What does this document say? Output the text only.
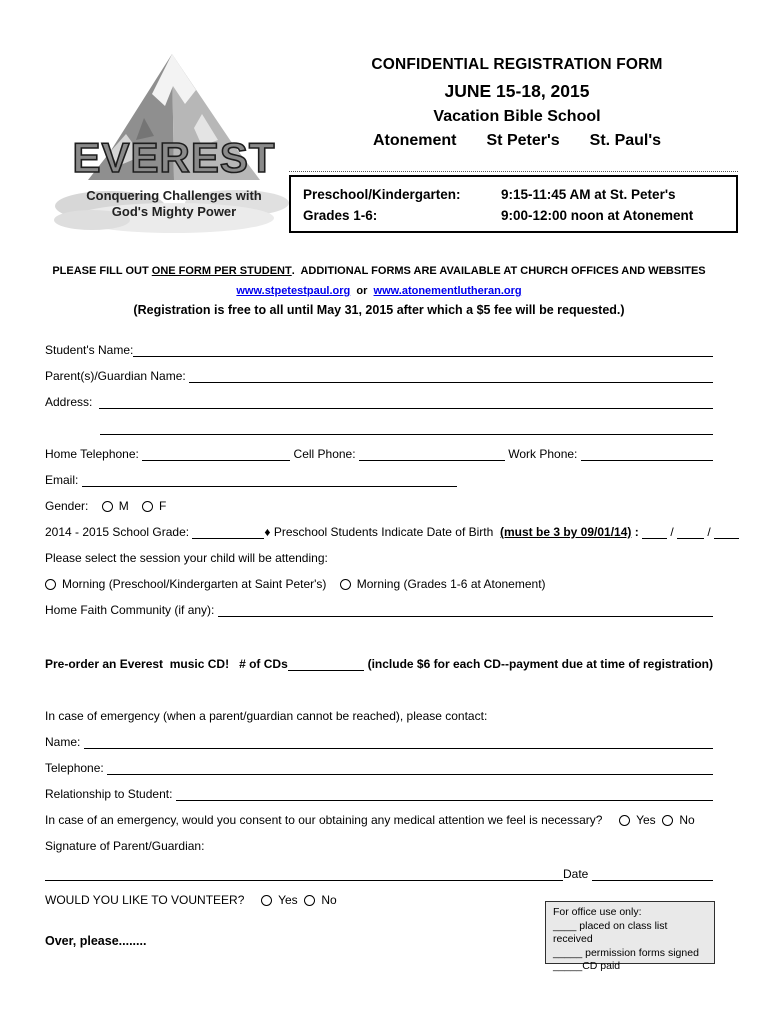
EVEREST
Conquering Challenges with
God's Mighty Power
CONFIDENTIAL REGISTRATION FORM
JUNE 15-18, 2015
Vacation Bible School
Atonement St Peter's St. Paul's
Preschool/Kindergarten:	9:15-11:45 AM at St. Peter's
Grades 1-6:	9:00-12:00 noon at Atonement
PLEASE FILL OUT ONE FORM PER STUDENT .  ADDITIONAL FORMS ARE AVAILABLE AT CHURCH OFFICES AND WEBSITES
www.stpetestpaul.org or www.atonementlutheran.org
(Registration is free to all until May 31, 2015 after which a $5 fee will be requested.)
Student's Name:
Parent(s)/Guardian Name:
Address:
Home Telephone:	Cell Phone:	Work Phone:
Email:
Gender: M F
2014 - 2015 School Grade:	♦ Preschool Students Indicate Date of Birth (must be 3 by 09/01/14) : / /
Please select the session your child will be attending:
Morning (Preschool/Kindergarten at Saint Peter's) Morning (Grades 1-6 at Atonement)
Home Faith Community (if any):
Pre-order an Everest  music CD!   # of CDs	(include $6 for each CD--payment due at time of registration)
In case of emergency (when a parent/guardian cannot be reached), please contact:
Name:
Telephone:
Relationship to Student:
In case of an emergency, would you consent to our obtaining any medical attention we feel is necessary? Yes No
Signature of Parent/Guardian:
Date
WOULD YOU LIKE TO VOUNTEER? Yes No
For office use only:
____ placed on class list received
_____ permission forms signed
_____CD paid
Over, please........
